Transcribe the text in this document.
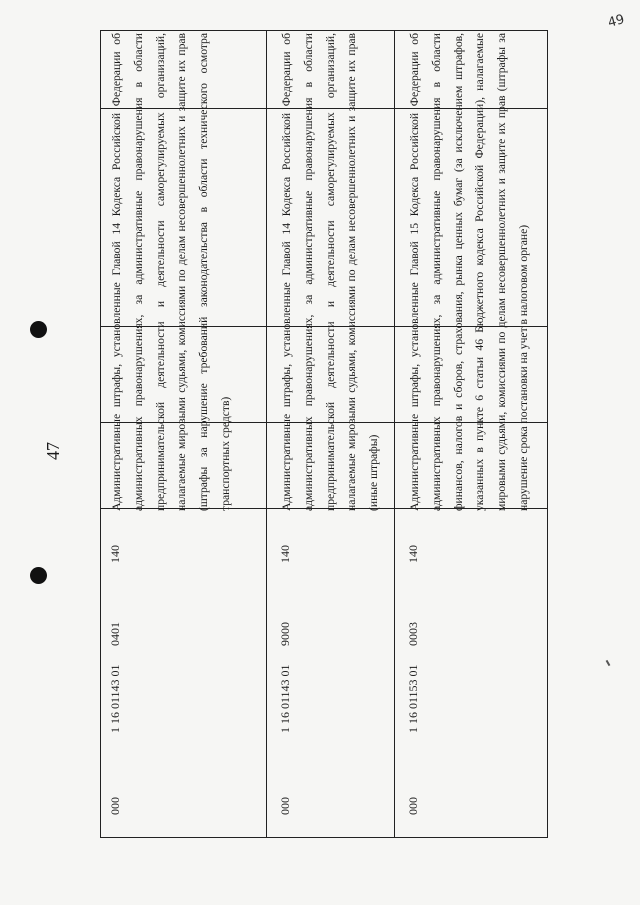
47
49
000
1 16 01143 01
0401
140
Административные штрафы, установленные Главой 14 Кодекса Российской Федерации об административных правонарушениях, за административные правонарушения в области предпринимательской деятельности и деятельности саморегулируемых организаций, налагаемые мировыми судьями, комиссиями по делам несовершеннолетних и защите их прав (штрафы за нарушение требований законодательства в области технического осмотра транспортных средств)
000
1 16 01143 01
9000
140
Административные штрафы, установленные Главой 14 Кодекса Российской Федерации об административных правонарушениях, за административные правонарушения в области предпринимательской деятельности и деятельности саморегулируемых организаций, налагаемые мировыми судьями, комиссиями по делам несовершеннолетних и защите их прав (иные штрафы)
000
1 16 01153 01
0003
140
Административные штрафы, установленные Главой 15 Кодекса Российской Федерации об административных правонарушениях, за административные правонарушения в области финансов, налогов и сборов, страхования, рынка ценных бумаг (за исключением штрафов, указанных в пункте 6 статьи 46 Бюджетного кодекса Российской Федерации), налагаемые мировыми судьями, комиссиями по делам несовершеннолетних и защите их прав (штрафы за нарушение срока постановки на учет в налоговом органе)
